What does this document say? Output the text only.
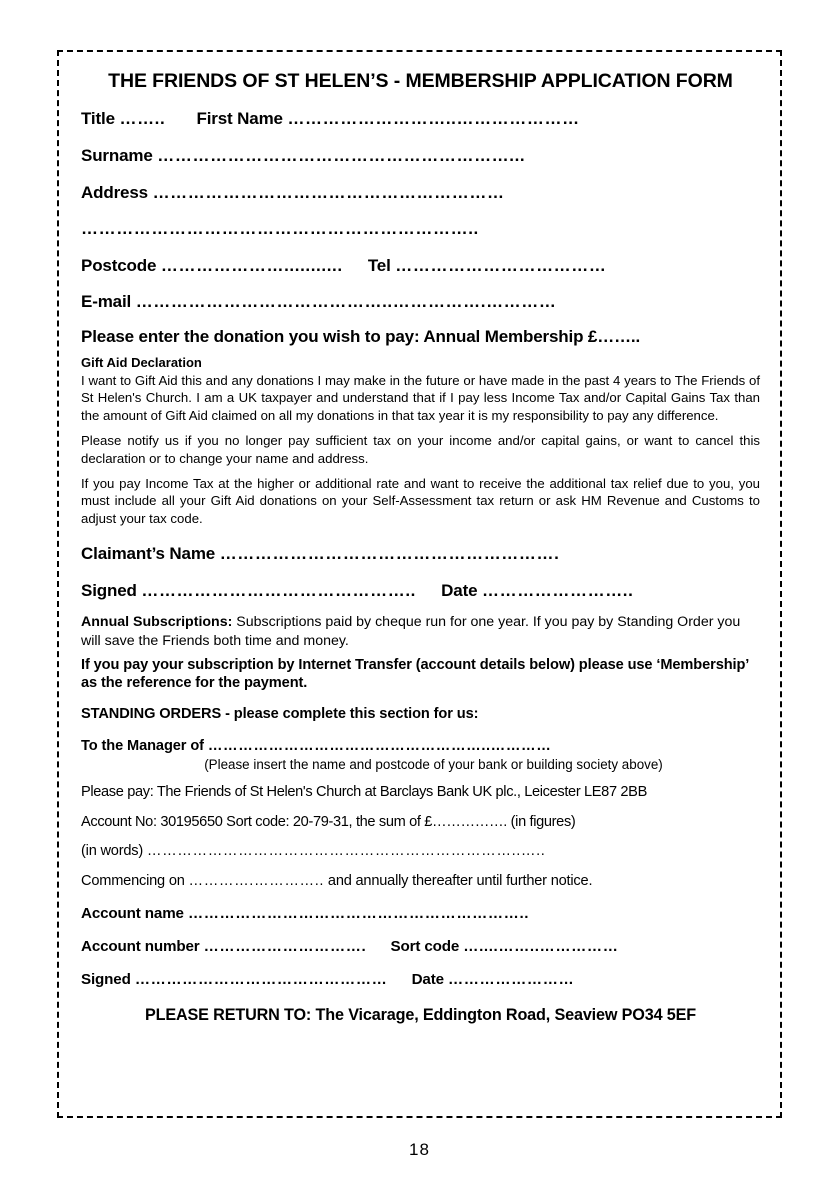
THE FRIENDS OF ST HELEN’S - MEMBERSHIP APPLICATION FORM
Title …….. First Name ………………………..…………………
Surname ……………………………………………………...
Address ……………………………………………………
…………………………………………………………..
Postcode …………………........... Tel ………………………………
E-mail ……………………………………..…………….…………
Please enter the donation you wish to pay: Annual Membership £……..
Gift Aid Declaration
I want to Gift Aid this and any donations I may make in the future or have made in the past 4 years to The Friends of St Helen's Church. I am a UK taxpayer and understand that if I pay less Income Tax and/or Capital Gains Tax than the amount of Gift Aid claimed on all my donations in that tax year it is my responsibility to pay any difference.
Please notify us if you no longer pay sufficient tax on your income and/or capital gains, or want to cancel this declaration or to change your name and address.
If you pay Income Tax at the higher or additional rate and want to receive the additional tax relief due to you, you must include all your Gift Aid donations on your Self-Assessment tax return or ask HM Revenue and Customs to adjust your tax code.
Claimant’s Name ………………………………………………….
Signed ……………………………………….. Date ……………………..
Annual Subscriptions: Subscriptions paid by cheque run for one year. If you pay by Standing Order you will save the Friends both time and money.
If you pay your subscription by Internet Transfer (account details below) please use ‘Membership’ as the reference for the payment.
STANDING ORDERS - please complete this section for us:
To the Manager of ………………………………………………..…………
(Please insert the name and postcode of your bank or building society above)
Please pay: The Friends of St Helen's Church at Barclays Bank UK plc., Leicester LE87 2BB
Account No: 30195650 Sort code: 20-79-31, the sum of £……………. (in figures)
(in words) ………………………………………………………………..…..
Commencing on ………….………….. and annually thereafter until further notice.
Account name ………………………………………………………..
Account number …………………………. Sort code …....……..……………
Signed ………………………………………… Date ……………………
PLEASE RETURN TO: The Vicarage, Eddington Road, Seaview PO34 5EF
18
